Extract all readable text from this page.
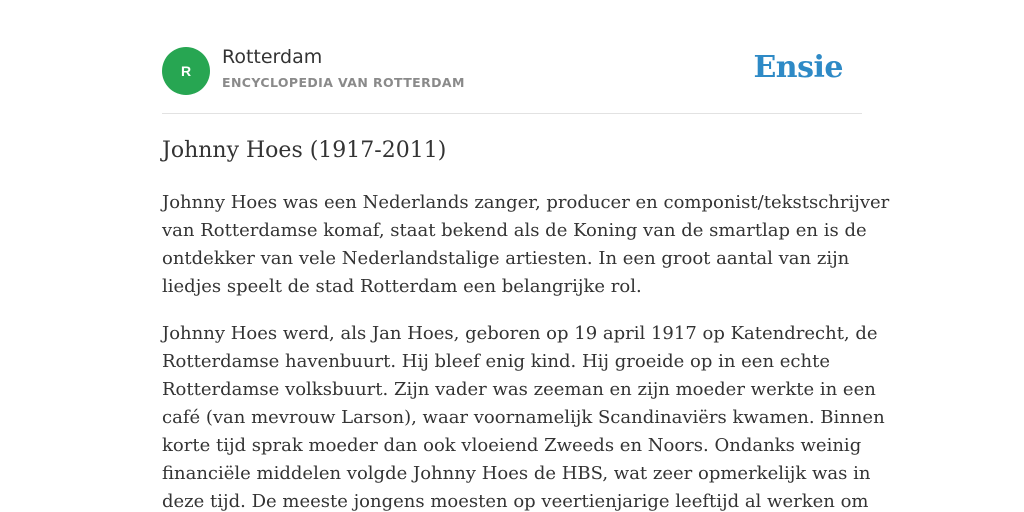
R
Rotterdam
ENCYCLOPEDIA VAN ROTTERDAM	Ensie
Johnny Hoes (1917-2011)
Johnny Hoes was een Nederlands zanger, producer en componist/tekstschrijver
van Rotterdamse komaf, staat bekend als de Koning van de smartlap en is de
ontdekker van vele Nederlandstalige artiesten. In een groot aantal van zijn
liedjes speelt de stad Rotterdam een belangrijke rol.
Johnny Hoes werd, als Jan Hoes, geboren op 19 april 1917 op Katendrecht, de
Rotterdamse havenbuurt. Hij bleef enig kind. Hij groeide op in een echte
Rotterdamse volksbuurt. Zijn vader was zeeman en zijn moeder werkte in een
café (van mevrouw Larson), waar voornamelijk Scandinaviërs kwamen. Binnen
korte tijd sprak moeder dan ook vloeiend Zweeds en Noors. Ondanks weinig
financiële middelen volgde Johnny Hoes de HBS, wat zeer opmerkelijk was in
deze tijd. De meeste jongens moesten op veertienjarige leeftijd al werken om
